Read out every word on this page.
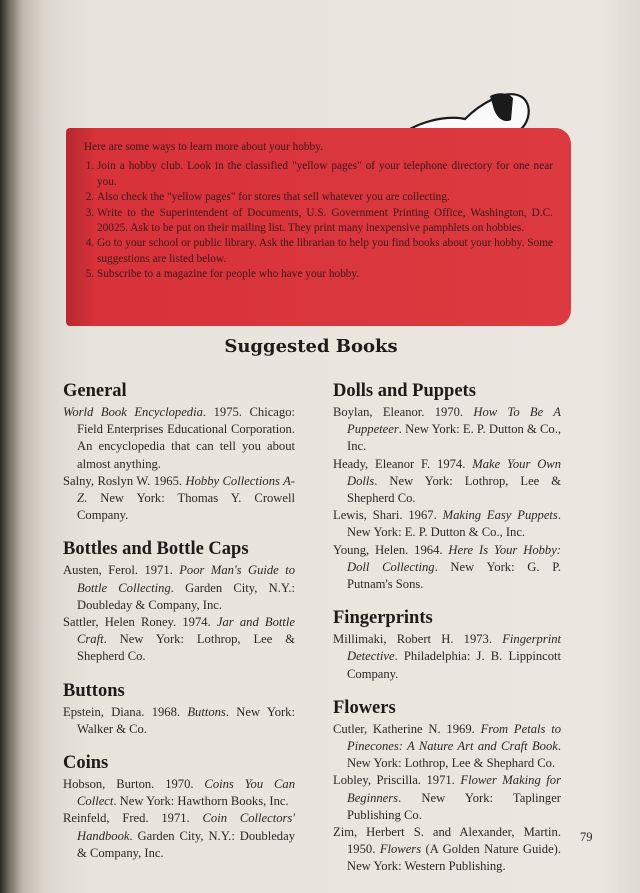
Here are some ways to learn more about your hobby.

1. Join a hobby club. Look in the classified "yellow pages" of your telephone directory for one near you.
2. Also check the "yellow pages" for stores that sell whatever you are collecting.
3. Write to the Superintendent of Documents, U.S. Government Printing Office, Washington, D.C. 20025. Ask to be put on their mailing list. They print many inexpensive pamphlets on hobbies.
4. Go to your school or public library. Ask the librarian to help you find books about your hobby. Some suggestions are listed below.
5. Subscribe to a magazine for people who have your hobby.
Suggested Books
General

World Book Encyclopedia. 1975. Chicago: Field Enterprises Educational Corporation. An encyclopedia that can tell you about almost anything.

Salny, Roslyn W. 1965. Hobby Collections A-Z. New York: Thomas Y. Crowell Company.

Bottles and Bottle Caps

Austen, Ferol. 1971. Poor Man's Guide to Bottle Collecting. Garden City, N.Y.: Doubleday & Company, Inc.

Sattler, Helen Roney. 1974. Jar and Bottle Craft. New York: Lothrop, Lee & Shepherd Co.

Buttons

Epstein, Diana. 1968. Buttons. New York: Walker & Co.

Coins

Hobson, Burton. 1970. Coins You Can Collect. New York: Hawthorn Books, Inc.

Reinfeld, Fred. 1971. Coin Collectors' Handbook. Garden City, N.Y.: Doubleday & Company, Inc.

Dolls and Puppets

Boylan, Eleanor. 1970. How To Be A Puppeteer. New York: E. P. Dutton & Co., Inc.

Heady, Eleanor F. 1974. Make Your Own Dolls. New York: Lothrop, Lee & Shepherd Co.

Lewis, Shari. 1967. Making Easy Puppets. New York: E. P. Dutton & Co., Inc.

Young, Helen. 1964. Here Is Your Hobby: Doll Collecting. New York: G. P. Putnam's Sons.

Fingerprints

Millimaki, Robert H. 1973. Fingerprint Detective. Philadelphia: J. B. Lippincott Company.

Flowers

Cutler, Katherine N. 1969. From Petals to Pinecones: A Nature Art and Craft Book. New York: Lothrop, Lee & Shephard Co.

Lobley, Priscilla. 1971. Flower Making for Beginners. New York: Taplinger Publishing Co.

Zim, Herbert S. and Alexander, Martin. 1950. Flowers (A Golden Nature Guide). New York: Western Publishing.

79
